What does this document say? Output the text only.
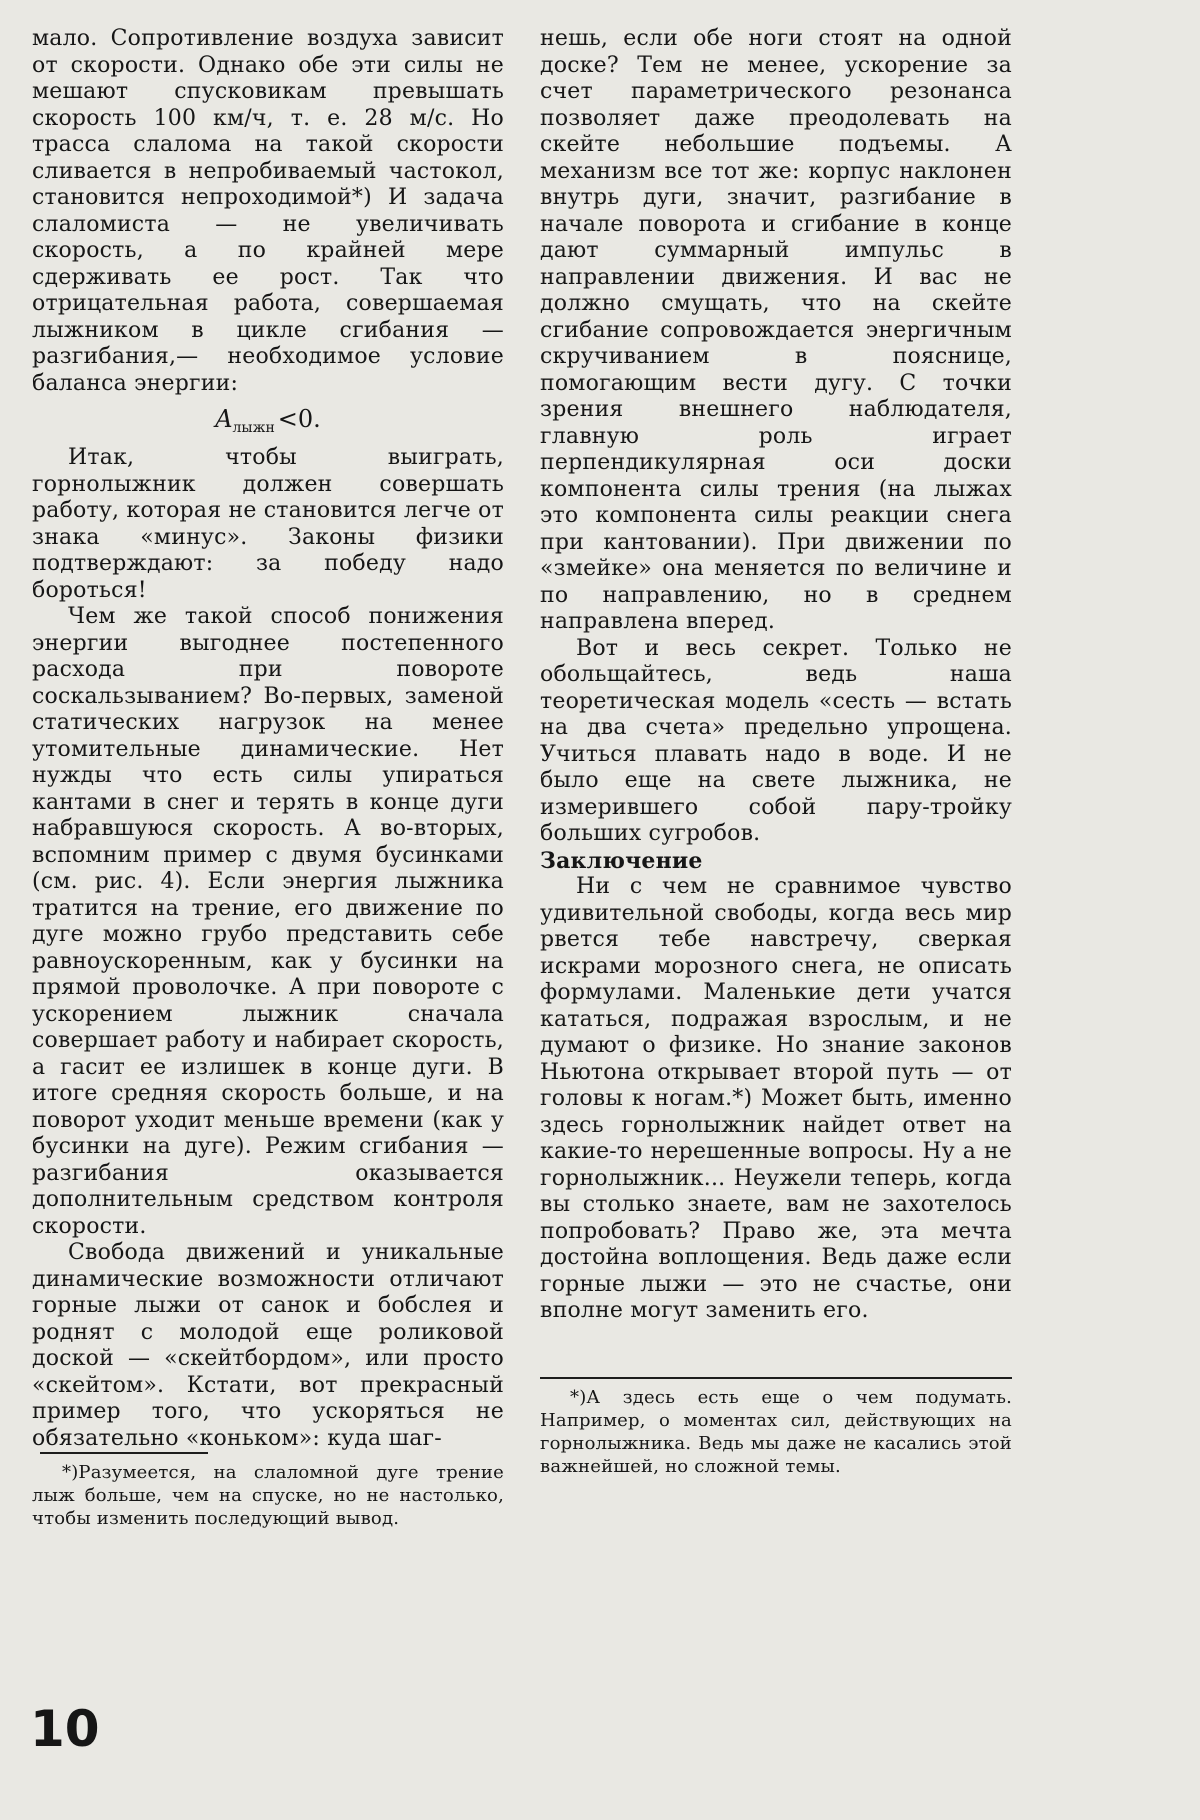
мало. Сопротивление воздуха зависит от скорости. Однако обе эти силы не мешают спусковикам превышать скорость 100 км/ч, т. е. 28 м/с. Но трасса слалома на такой скорости сливается в непробиваемый частокол, становится непроходимой*) И задача слаломиста — не увеличивать скорость, а по крайней мере сдерживать ее рост. Так что отрицательная работа, совершаемая лыжником в цикле сгибания — разгибания,— необходимое условие баланса энергии:

$A_{лыжн} <0$.

Итак, чтобы выиграть, горнолыжник должен совершать работу, которая не становится легче от знака «минус». Законы физики подтверждают: за победу надо бороться!

Чем же такой способ понижения энергии выгоднее постепенного расхода при повороте соскальзыванием? Во-первых, заменой статических нагрузок на менее утомительные динамические. Нет нужды что есть силы упираться кантами в снег и терять в конце дуги набравшуюся скорость. А во-вторых, вспомним пример с двумя бусинками (см. рис. 4). Если энергия лыжника тратится на трение, его движение по дуге можно грубо представить себе равноускоренным, как у бусинки на прямой проволочке. А при повороте с ускорением лыжник сначала совершает работу и набирает скорость, а гасит ее излишек в конце дуги. В итоге средняя скорость больше, и на поворот уходит меньше времени (как у бусинки на дуге). Режим сгибания — разгибания оказывается дополнительным средством контроля скорости.

Свобода движений и уникальные динамические возможности отличают горные лыжи от санок и бобслея и роднят с молодой еще роликовой доской — «скейтбордом», или просто «скейтом». Кстати, вот прекрасный пример того, что ускоряться не обязательно «коньком»: куда шаг-

*)Разумеется, на слаломной дуге трение лыж больше, чем на спуске, но не настолько, чтобы изменить последующий вывод.

нешь, если обе ноги стоят на одной доске? Тем не менее, ускорение за счет параметрического резонанса позволяет даже преодолевать на скейте небольшие подъемы. А механизм все тот же: корпус наклонен внутрь дуги, значит, разгибание в начале поворота и сгибание в конце дают суммарный импульс в направлении движения. И вас не должно смущать, что на скейте сгибание сопровождается энергичным скручиванием в пояснице, помогающим вести дугу. С точки зрения внешнего наблюдателя, главную роль играет перпендикулярная оси доски компонента силы трения (на лыжах это компонента силы реакции снега при кантовании). При движении по «змейке» она меняется по величине и по направлению, но в среднем направлена вперед.

Вот и весь секрет. Только не обольщайтесь, ведь наша теоретическая модель «сесть — встать на два счета» предельно упрощена. Учиться плавать надо в воде. И не было еще на свете лыжника, не измерившего собой пару-тройку больших сугробов.

Заключение

Ни с чем не сравнимое чувство удивительной свободы, когда весь мир рвется тебе навстречу, сверкая искрами морозного снега, не описать формулами. Маленькие дети учатся кататься, подражая взрослым, и не думают о физике. Но знание законов Ньютона открывает второй путь — от головы к ногам.*) Может быть, именно здесь горнолыжник найдет ответ на какие-то нерешенные вопросы. Ну а не горнолыжник... Неужели теперь, когда вы столько знаете, вам не захотелось попробовать? Право же, эта мечта достойна воплощения. Ведь даже если горные лыжи — это не счастье, они вполне могут заменить его.

*)А здесь есть еще о чем подумать. Например, о моментах сил, действующих на горнолыжника. Ведь мы даже не касались этой важнейшей, но сложной темы.

10
